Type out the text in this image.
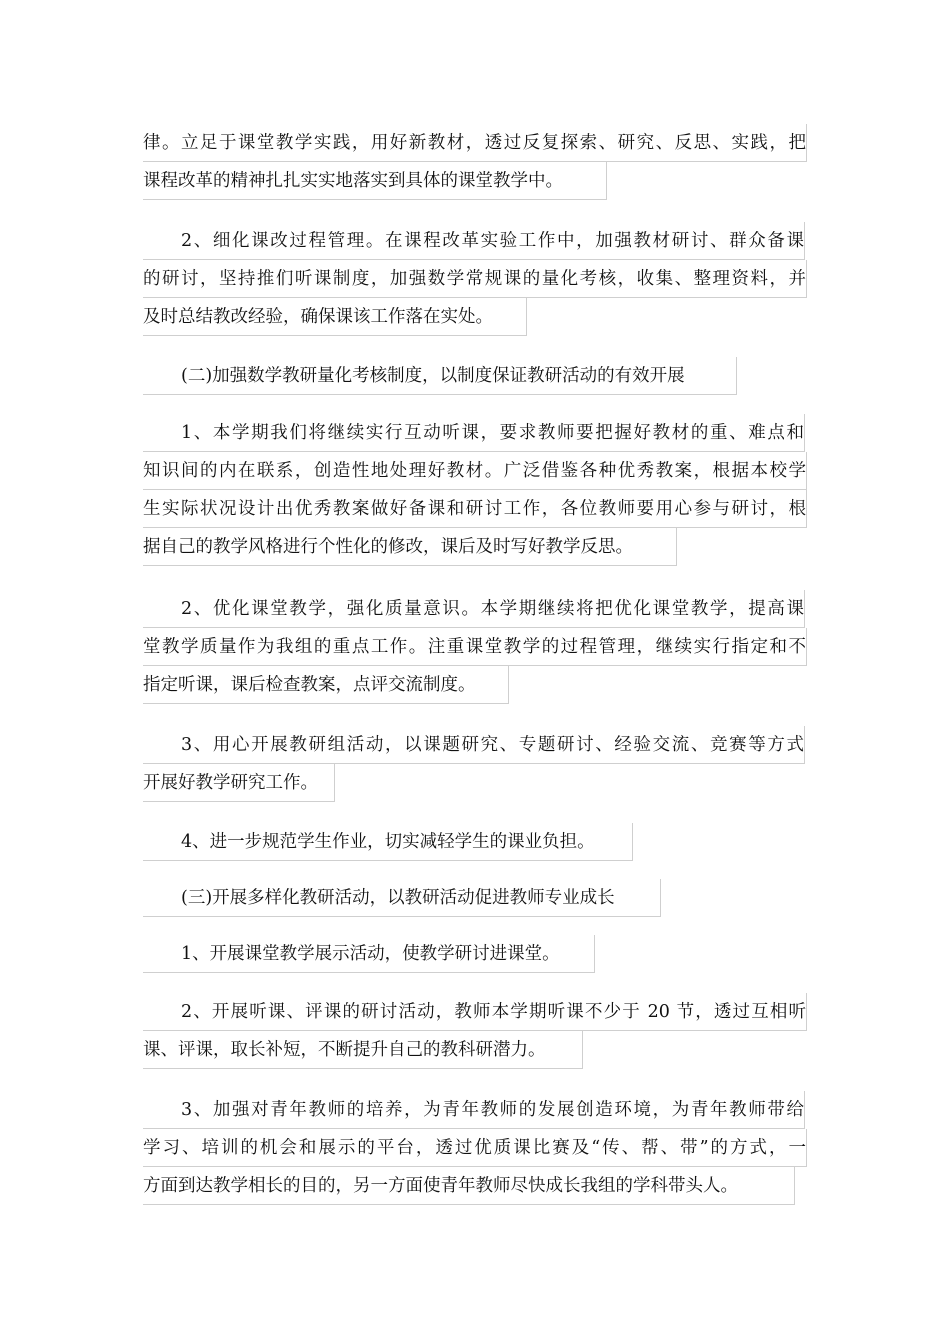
律。立足于课堂教学实践，用好新教材，透过反复探索、研究、反思、实践，把
课程改革的精神扎扎实实地落实到具体的课堂教学中。
2、细化课改过程管理。在课程改革实验工作中，加强教材研讨、群众备课
的研讨，坚持推们听课制度，加强数学常规课的量化考核，收集、整理资料，并
及时总结教改经验，确保课该工作落在实处。
(二)加强数学教研量化考核制度，以制度保证教研活动的有效开展
1、本学期我们将继续实行互动听课，要求教师要把握好教材的重、难点和
知识间的内在联系，创造性地处理好教材。广泛借鉴各种优秀教案，根据本校学
生实际状况设计出优秀教案做好备课和研讨工作，各位教师要用心参与研讨，根
据自己的教学风格进行个性化的修改，课后及时写好教学反思。
2、优化课堂教学，强化质量意识。本学期继续将把优化课堂教学，提高课
堂教学质量作为我组的重点工作。注重课堂教学的过程管理，继续实行指定和不
指定听课，课后检查教案，点评交流制度。
3、用心开展教研组活动，以课题研究、专题研讨、经验交流、竞赛等方式
开展好教学研究工作。
4、进一步规范学生作业，切实减轻学生的课业负担。
(三)开展多样化教研活动，以教研活动促进教师专业成长
1、开展课堂教学展示活动，使教学研讨进课堂。
2、开展听课、评课的研讨活动，教师本学期听课不少于 20 节，透过互相听
课、评课，取长补短，不断提升自己的教科研潜力。
3、加强对青年教师的培养，为青年教师的发展创造环境，为青年教师带给
学习、培训的机会和展示的平台，透过优质课比赛及“传、帮、带”的方式，一
方面到达教学相长的目的，另一方面使青年教师尽快成长我组的学科带头人。
